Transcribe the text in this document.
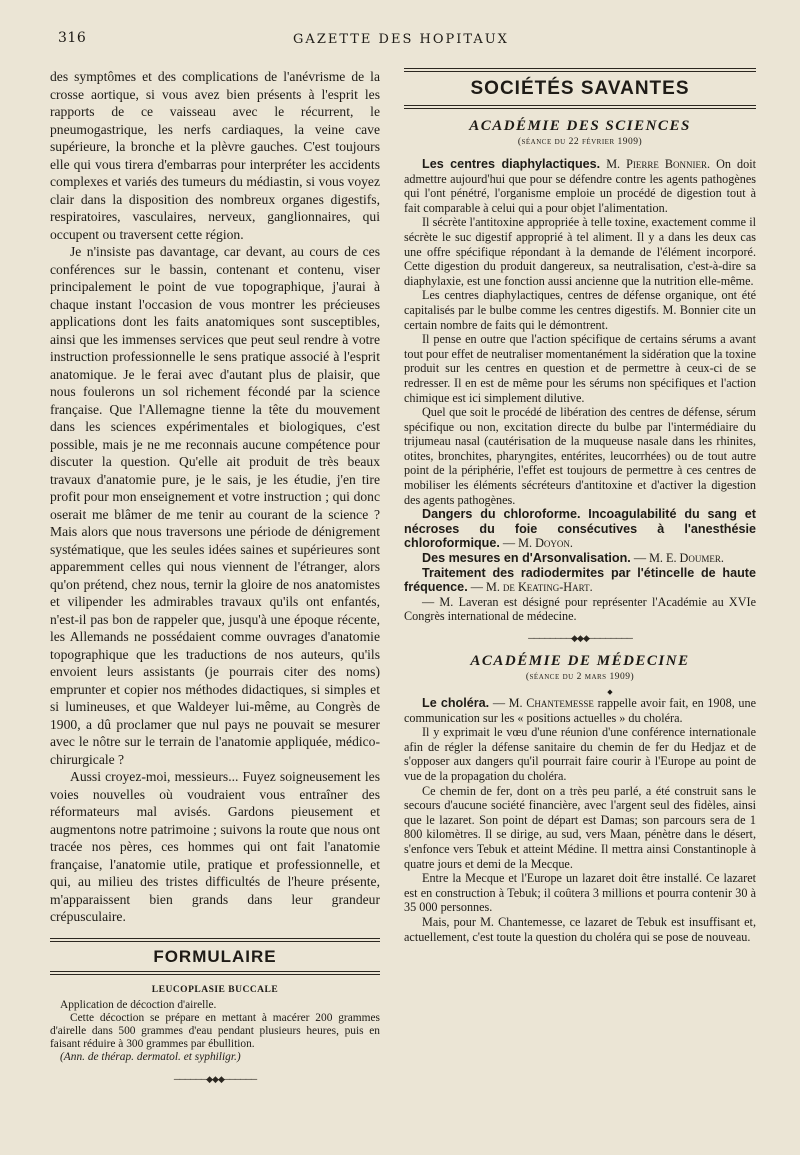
316	GAZETTE DES HOPITAUX

des symptômes et des complications de l'anévrisme de la crosse aortique, si vous avez bien présents à l'esprit les rapports de ce vaisseau avec le récurrent, le pneumogastrique, les nerfs cardiaques, la veine cave supérieure, la bronche et la plèvre gauches. C'est toujours elle qui vous tirera d'embarras pour interpréter les accidents complexes et variés des tumeurs du médiastin, si vous voyez clair dans la disposition des nombreux organes digestifs, respiratoires, vasculaires, nerveux, ganglionnaires, qui occupent ou traversent cette région.

Je n'insiste pas davantage, car devant, au cours de ces conférences sur le bassin, contenant et contenu, viser principalement le point de vue topographique, j'aurai à chaque instant l'occasion de vous montrer les précieuses applications dont les faits anatomiques sont susceptibles, ainsi que les immenses services que peut seul rendre à votre instruction professionnelle le sens pratique associé à l'esprit anatomique. Je le ferai avec d'autant plus de plaisir, que nous foulerons un sol richement fécondé par la science française. Que l'Allemagne tienne la tête du mouvement dans les sciences expérimentales et biologiques, c'est possible, mais je ne me reconnais aucune compétence pour discuter la question. Qu'elle ait produit de très beaux travaux d'anatomie pure, je le sais, je les étudie, j'en tire profit pour mon enseignement et votre instruction ; qui donc oserait me blâmer de me tenir au courant de la science ? Mais alors que nous traversons une période de dénigrement systématique, que les seules idées saines et supérieures sont apparemment celles qui nous viennent de l'étranger, alors qu'on prétend, chez nous, ternir la gloire de nos anatomistes et vilipender les admirables travaux qu'ils ont enfantés, n'est-il pas bon de rappeler que, jusqu'à une époque récente, les Allemands ne possédaient comme ouvrages d'anatomie topographique que les traductions de nos auteurs, qu'ils envoient leurs assistants (je pourrais citer des noms) emprunter et copier nos méthodes didactiques, si simples et si lumineuses, et que Waldeyer lui-même, au Congrès de 1900, a dû proclamer que nul pays ne pouvait se mesurer avec le nôtre sur le terrain de l'anatomie appliquée, médico-chirurgicale ?

Aussi croyez-moi, messieurs... Fuyez soigneusement les voies nouvelles où voudraient vous entraîner des réformateurs mal avisés. Gardons pieusement et augmentons notre patrimoine ; suivons la route que nous ont tracée nos pères, ces hommes qui ont fait l'anatomie française, l'anatomie utile, pratique et professionnelle, et qui, au milieu des tristes difficultés de l'heure présente, m'apparaissent bien grands dans leur grandeur crépusculaire.

FORMULAIRE
LEUCOPLASIE BUCCALE

Application de décoction d'airelle.

Cette décoction se prépare en mettant à macérer 200 grammes d'airelle dans 500 grammes d'eau pendant plusieurs heures, puis en faisant réduire à 300 grammes par ébullition.

(Ann. de thérap. dermatol. et syphiligr.)

──────◆◆◆──────
SOCIÉTÉS SAVANTES
ACADÉMIE DES SCIENCES
(séance du 22 février 1909)

Les centres diaphylactiques. M. Pierre Bonnier. On doit admettre aujourd'hui que pour se défendre contre les agents pathogènes qui l'ont pénétré, l'organisme emploie un procédé de digestion tout à fait comparable à celui qui a pour objet l'alimentation.

Il sécrète l'antitoxine appropriée à telle toxine, exactement comme il sécrète le suc digestif approprié à tel aliment. Il y a dans les deux cas une offre spécifique répondant à la demande de l'élément incorporé. Cette digestion du produit dangereux, sa neutralisation, c'est-à-dire sa diaphylaxie, est une fonction aussi ancienne que la nutrition elle-même.

Les centres diaphylactiques, centres de défense organique, ont été capitalisés par le bulbe comme les centres digestifs. M. Bonnier cite un certain nombre de faits qui le démontrent.

Il pense en outre que l'action spécifique de certains sérums a avant tout pour effet de neutraliser momentanément la sidération que la toxine produit sur les centres en question et de permettre à ceux-ci de se redresser. Il en est de même pour les sérums non spécifiques et l'action chimique est ici simplement dilutive.

Quel que soit le procédé de libération des centres de défense, sérum spécifique ou non, excitation directe du bulbe par l'intermédiaire du trijumeau nasal (cautérisation de la muqueuse nasale dans les rhinites, otites, bronchites, pharyngites, entérites, leucorrhées) ou de tout autre point de la périphérie, l'effet est toujours de permettre à ces centres de mobiliser les éléments sécréteurs d'antitoxine et d'activer la digestion des agents pathogènes.

Dangers du chloroforme. Incoagulabilité du sang et nécroses du foie consécutives à l'anesthésie chloroformique. — M. Doyon.

Des mesures en d'Arsonvalisation. — M. E. Doumer.

Traitement des radiodermites par l'étincelle de haute fréquence. — M. de Keating-Hart.

— M. Laveran est désigné pour représenter l'Académie au XVIe Congrès international de médecine.

────────◆◆◆────────
ACADÉMIE DE MÉDECINE
(séance du 2 mars 1909)
◆

Le choléra. — M. Chantemesse rappelle avoir fait, en 1908, une communication sur les « positions actuelles » du choléra.

Il y exprimait le vœu d'une réunion d'une conférence internationale afin de régler la défense sanitaire du chemin de fer du Hedjaz et de s'opposer aux dangers qu'il pourrait faire courir à l'Europe au point de vue de la propagation du choléra.

Ce chemin de fer, dont on a très peu parlé, a été construit sans le secours d'aucune société financière, avec l'argent seul des fidèles, ainsi que le lazaret. Son point de départ est Damas; son parcours sera de 1 800 kilomètres. Il se dirige, au sud, vers Maan, pénètre dans le désert, s'enfonce vers Tebuk et atteint Médine. Il mettra ainsi Constantinople à quatre jours et demi de la Mecque.

Entre la Mecque et l'Europe un lazaret doit être installé. Ce lazaret est en construction à Tebuk; il coûtera 3 millions et pourra contenir 30 à 35 000 personnes.

Mais, pour M. Chantemesse, ce lazaret de Tebuk est insuffisant et, actuellement, c'est toute la question du choléra qui se pose de nouveau.
